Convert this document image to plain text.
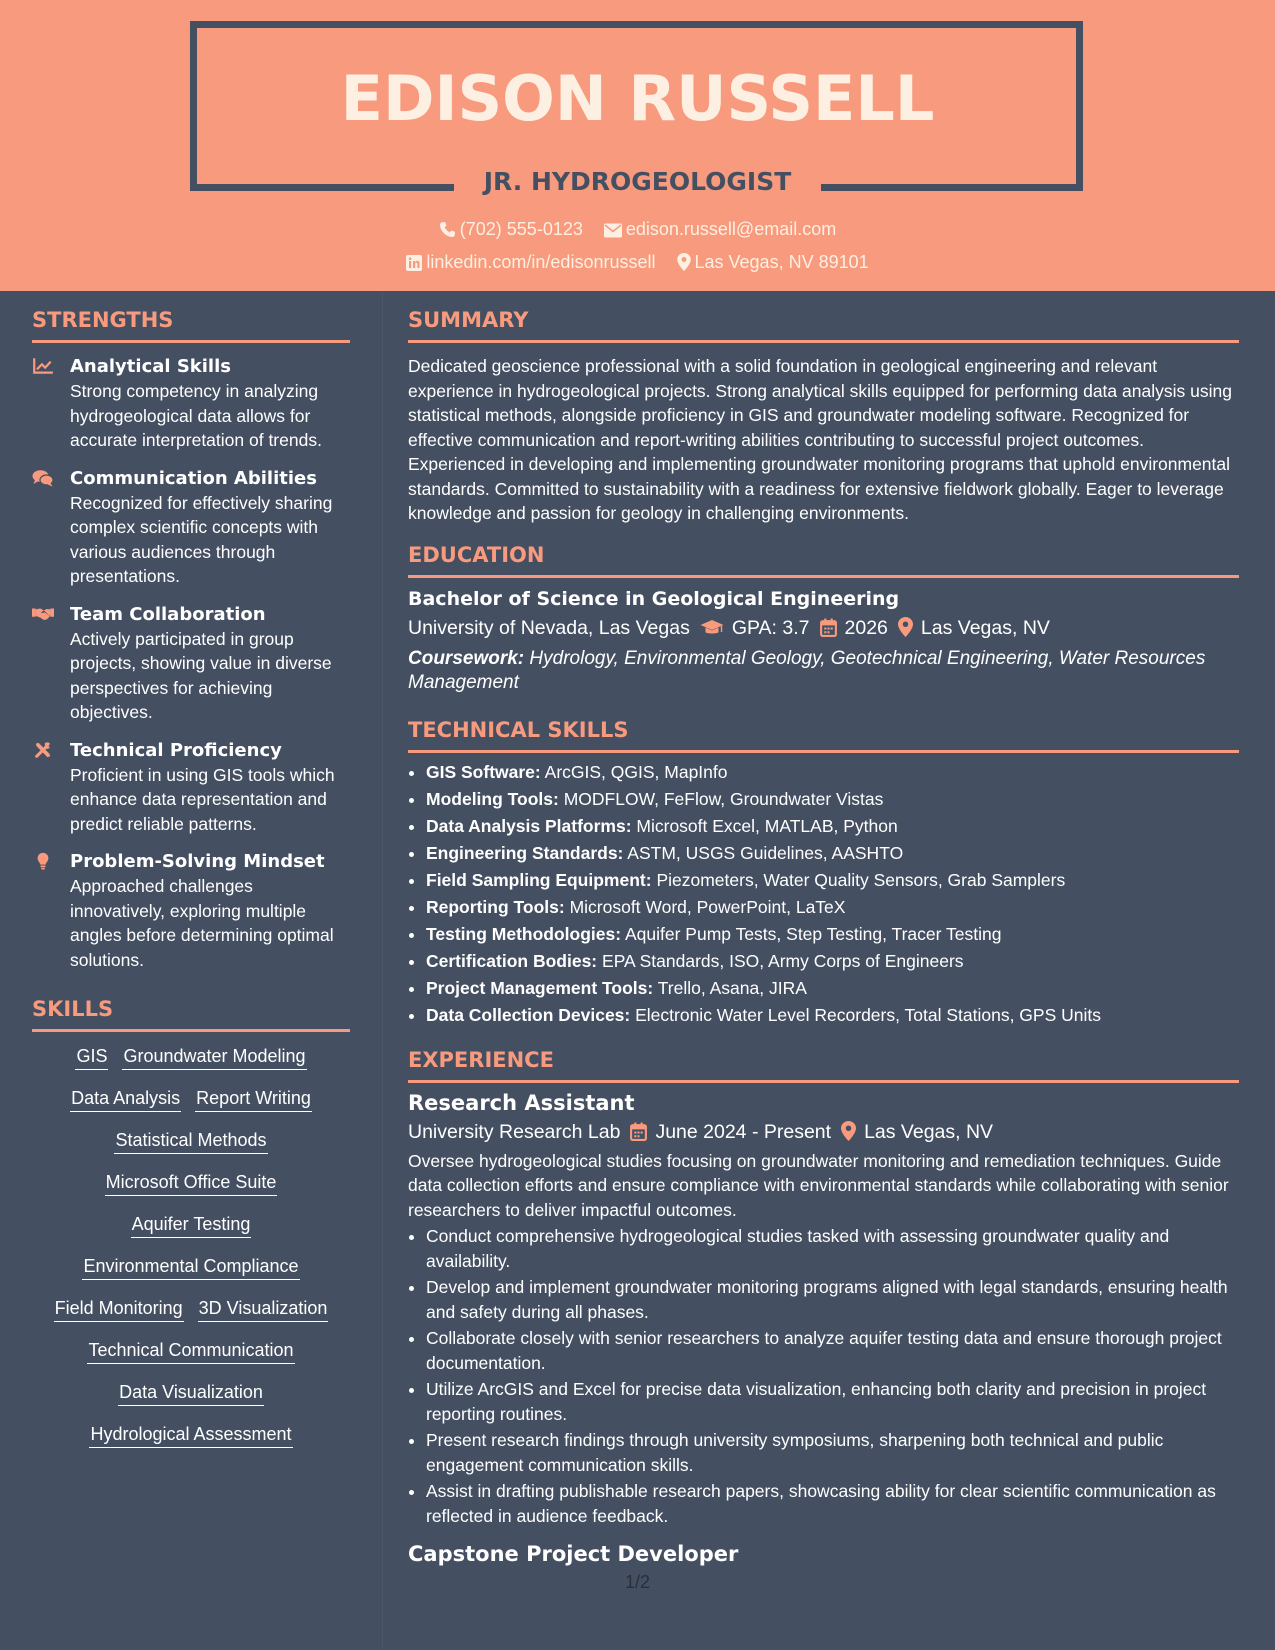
EDISON RUSSELL
JR. HYDROGEOLOGIST
(702) 555-0123 edison.russell@email.com
linkedin.com/in/edisonrussell Las Vegas, NV 89101
STRENGTHS
Analytical Skills
Strong competency in analyzing hydrogeological data allows for accurate interpretation of trends.
Communication Abilities
Recognized for effectively sharing complex scientific concepts with various audiences through presentations.
Team Collaboration
Actively participated in group projects, showing value in diverse perspectives for achieving objectives.
Technical Proficiency
Proficient in using GIS tools which enhance data representation and predict reliable patterns.
Problem-Solving Mindset
Approached challenges innovatively, exploring multiple angles before determining optimal solutions.
SKILLS
GIS Groundwater Modeling
Data Analysis Report Writing
Statistical Methods
Microsoft Office Suite
Aquifer Testing
Environmental Compliance
Field Monitoring 3D Visualization
Technical Communication
Data Visualization
Hydrological Assessment
SUMMARY

Dedicated geoscience professional with a solid foundation in geological engineering and relevant experience in hydrogeological projects. Strong analytical skills equipped for performing data analysis using statistical methods, alongside proficiency in GIS and groundwater modeling software. Recognized for effective communication and report-writing abilities contributing to successful project outcomes. Experienced in developing and implementing groundwater monitoring programs that uphold environmental standards. Committed to sustainability with a readiness for extensive fieldwork globally. Eager to leverage knowledge and passion for geology in challenging environments.

EDUCATION
Bachelor of Science in Geological Engineering
University of Nevada, Las Vegas GPA: 3.7 2026 Las Vegas, NV
Coursework: Hydrology, Environmental Geology, Geotechnical Engineering, Water Resources Management
TECHNICAL SKILLS
• GIS Software: ArcGIS, QGIS, MapInfo
• Modeling Tools: MODFLOW, FeFlow, Groundwater Vistas
• Data Analysis Platforms: Microsoft Excel, MATLAB, Python
• Engineering Standards: ASTM, USGS Guidelines, AASHTO
• Field Sampling Equipment: Piezometers, Water Quality Sensors, Grab Samplers
• Reporting Tools: Microsoft Word, PowerPoint, LaTeX
• Testing Methodologies: Aquifer Pump Tests, Step Testing, Tracer Testing
• Certification Bodies: EPA Standards, ISO, Army Corps of Engineers
• Project Management Tools: Trello, Asana, JIRA
• Data Collection Devices: Electronic Water Level Recorders, Total Stations, GPS Units
EXPERIENCE
Research Assistant
University Research Lab June 2024 - Present Las Vegas, NV

Oversee hydrogeological studies focusing on groundwater monitoring and remediation techniques. Guide data collection efforts and ensure compliance with environmental standards while collaborating with senior researchers to deliver impactful outcomes.

• Conduct comprehensive hydrogeological studies tasked with assessing groundwater quality and availability.
• Develop and implement groundwater monitoring programs aligned with legal standards, ensuring health and safety during all phases.
• Collaborate closely with senior researchers to analyze aquifer testing data and ensure thorough project documentation.
• Utilize ArcGIS and Excel for precise data visualization, enhancing both clarity and precision in project reporting routines.
• Present research findings through university symposiums, sharpening both technical and public engagement communication skills.
• Assist in drafting publishable research papers, showcasing ability for clear scientific communication as reflected in audience feedback.
Capstone Project Developer
1/2
